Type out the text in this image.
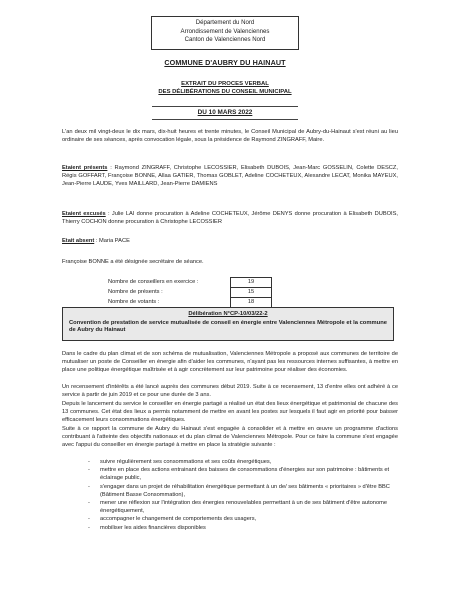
Département du Nord
Arrondissement de Valenciennes
Canton de Valenciennes Nord
COMMUNE D'AUBRY DU HAINAUT
EXTRAIT DU PROCES VERBAL
DES DÉLIBÉRATIONS DU CONSEIL MUNICIPAL
DU 10 MARS 2022
L'an deux mil vingt-deux le dix mars, dix-huit heures et trente minutes, le Conseil Municipal de Aubry-du-Hainaut s'est réuni au lieu ordinaire de ses séances, après convocation légale, sous la présidence de Raymond ZINGRAFF, Maire.
Etaient présents : Raymond ZINGRAFF, Christophe LECOSSIER, Elisabeth DUBOIS, Jean-Marc GOSSELIN, Colette DESCZ, Régis GOFFART, Françoise BONNE, Allaa GATIER, Thomas GOBLET, Adeline COCHETEUX, Alexandre LECAT, Monika MAYEUX, Jean-Pierre LAUDE, Yves MAILLARD, Jean-Pierre DAMIENS
Etaient excusés : Julie LAI donne procuration à Adeline COCHETEUX, Jérôme DENYS donne procuration à Elisabeth DUBOIS, Thierry COCHON donne procuration à Christophe LECOSSIER
Etait absent : Maria PACE
Françoise BONNE a été désignée secrétaire de séance.
Nombre de conseillers en exercice :	19
Nombre de présents :	15
Nombre de votants :	18
Délibération N°CP-10/03/22-2
Convention de prestation de service mutualisée de conseil en énergie entre Valenciennes Métropole et la commune de Aubry du Hainaut
Dans le cadre du plan climat et de son schéma de mutualisation, Valenciennes Métropole a proposé aux communes de territoire de mutualiser un poste de Conseiller en énergie afin d'aider les communes, n'ayant pas les ressources internes suffisantes, à mettre en place une politique énergétique maîtrisée et à agir concrètement sur leur patrimoine pour réaliser des économies.
Un recensement d'intérêts a été lancé auprès des communes début 2019. Suite à ce recensement, 13 d'entre elles ont adhéré à ce service à partir de juin 2019 et ce pour une durée de 3 ans.
Depuis le lancement du service le conseiller en énergie partagé a réalisé un état des lieux énergétique et patrimonial de chacune des 13 communes. Cet état des lieux a permis notamment de mettre en avant les postes sur lesquels il faut agir en priorité pour baisser efficacement leurs consommations énergétiques.
Suite à ce rapport la commune de Aubry du Hainaut s'est engagée à consolider et à mettre en œuvre un programme d'actions contribuant à l'atteinte des objectifs nationaux et du plan climat de Valenciennes Métropole. Pour ce faire la commune s'est engagée avec l'appui du conseiller en énergie partagé à mettre en place la stratégie suivante :
- suivre régulièrement ses consommations et ses coûts énergétiques,
- mettre en place des actions entrainant des baisses de consommations d'énergies sur son patrimoine : bâtiments et éclairage public,
- s'engager dans un projet de réhabilitation énergétique permettant à un de/ ses bâtiments « prioritaires » d'être BBC (Bâtiment Basse Consommation),
- mener une réflexion sur l'intégration des énergies renouvelables permettant à un de ses bâtiment d'être autonome énergétiquement,
- accompagner le changement de comportements des usagers,
- mobiliser les aides financières disponibles
